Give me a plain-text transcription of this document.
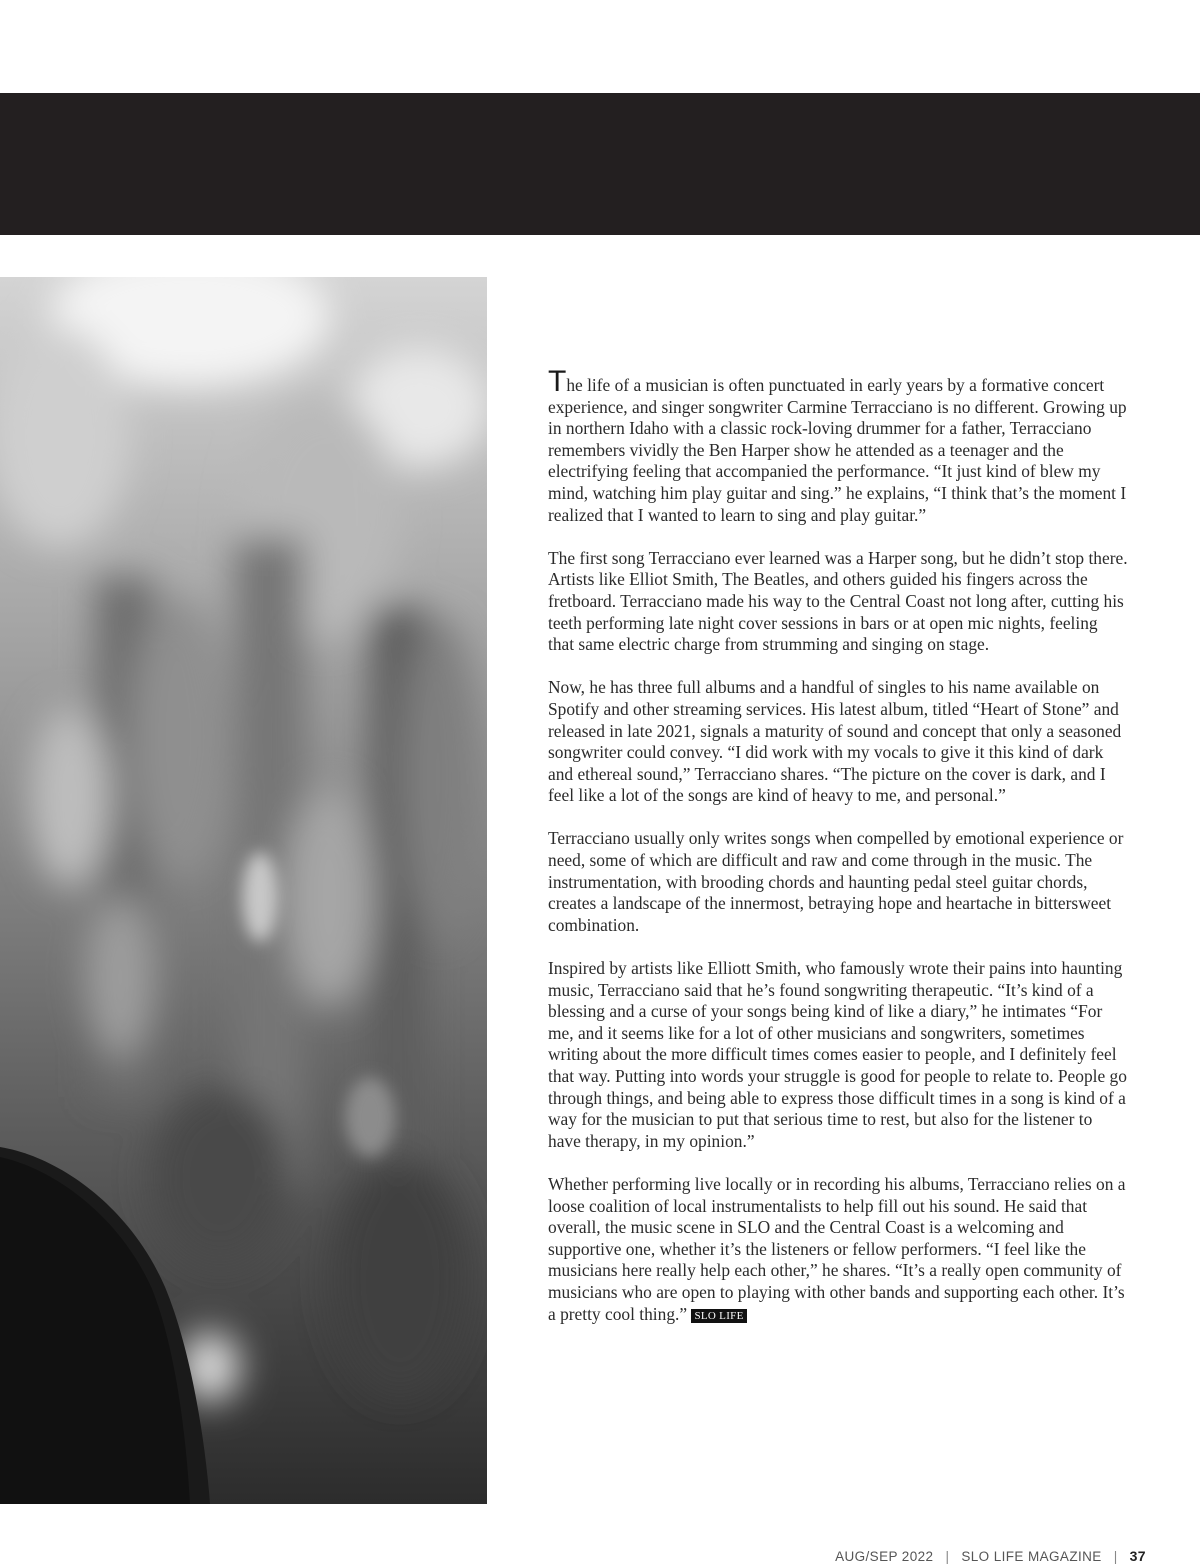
The life of a musician is often punctuated in early years by a formative concert experience, and singer songwriter Carmine Terracciano is no different. Growing up in northern Idaho with a classic rock-loving drummer for a father, Terracciano remembers vividly the Ben Harper show he attended as a teenager and the electrifying feeling that accompanied the performance. “It just kind of blew my mind, watching him play guitar and sing.” he explains, “I think that’s the moment I realized that I wanted to learn to sing and play guitar.”

The first song Terracciano ever learned was a Harper song, but he didn’t stop there. Artists like Elliot Smith, The Beatles, and others guided his fingers across the fretboard. Terracciano made his way to the Central Coast not long after, cutting his teeth performing late night cover sessions in bars or at open mic nights, feeling that same electric charge from strumming and singing on stage.

Now, he has three full albums and a handful of singles to his name available on Spotify and other streaming services. His latest album, titled “Heart of Stone” and released in late 2021, signals a maturity of sound and concept that only a seasoned songwriter could convey. “I did work with my vocals to give it this kind of dark and ethereal sound,” Terracciano shares. “The picture on the cover is dark, and I feel like a lot of the songs are kind of heavy to me, and personal.”

Terracciano usually only writes songs when compelled by emotional experience or need, some of which are difficult and raw and come through in the music. The instrumentation, with brooding chords and haunting pedal steel guitar chords, creates a landscape of the innermost, betraying hope and heartache in bittersweet combination.

Inspired by artists like Elliott Smith, who famously wrote their pains into haunting music, Terracciano said that he’s found songwriting therapeutic. “It’s kind of a blessing and a curse of your songs being kind of like a diary,” he intimates “For me, and it seems like for a lot of other musicians and songwriters, sometimes writing about the more difficult times comes easier to people, and I definitely feel that way. Putting into words your struggle is good for people to relate to. People go through things, and being able to express those difficult times in a song is kind of a way for the musician to put that serious time to rest, but also for the listener to have therapy, in my opinion.”

Whether performing live locally or in recording his albums, Terracciano relies on a loose coalition of local instrumentalists to help fill out his sound. He said that overall, the music scene in SLO and the Central Coast is a welcoming and supportive one, whether it’s the listeners or fellow performers. “I feel like the musicians here really help each other,” he shares. “It’s a really open community of musicians who are open to playing with other bands and supporting each other. It’s a pretty cool thing.” SLO LIFE

AUG/SEP 2022 | SLO LIFE MAGAZINE | 37
